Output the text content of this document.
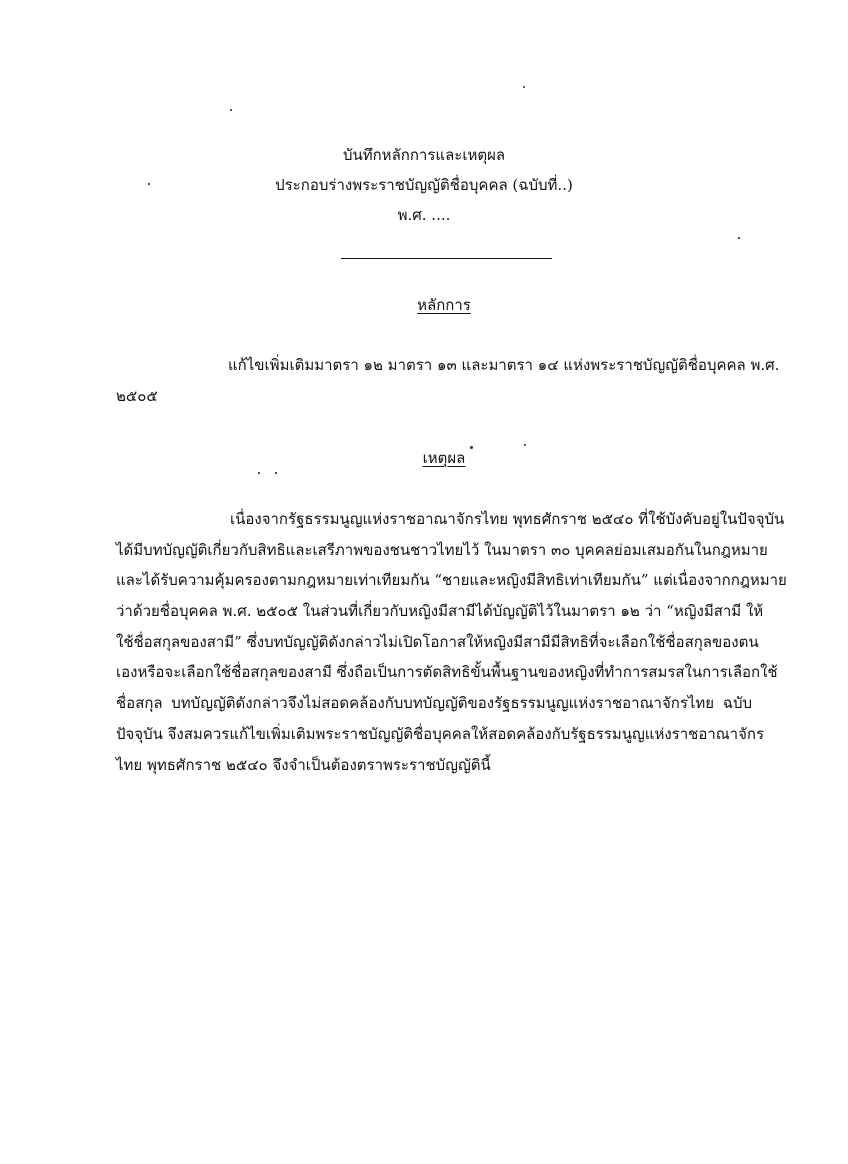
บันทึกหลักการและเหตุผล
ประกอบร่างพระราชบัญญัติชื่อบุคคล (ฉบับที่..)
พ.ศ. ....
หลักการ
แก้ไขเพิ่มเติมมาตรา ๑๒ มาตรา ๑๓ และมาตรา ๑๔ แห่งพระราชบัญญัติชื่อบุคคล พ.ศ.
๒๕๐๕
เหตุผล
เนื่องจากรัฐธรรมนูญแห่งราชอาณาจักรไทย พุทธศักราช ๒๕๔๐ ที่ใช้บังคับอยู่ในปัจจุบัน
ได้มีบทบัญญัติเกี่ยวกับสิทธิและเสรีภาพของชนชาวไทยไว้ ในมาตรา ๓๐ บุคคลย่อมเสมอกันในกฎหมาย
และได้รับความคุ้มครองตามกฎหมายเท่าเทียมกัน “ชายและหญิงมีสิทธิเท่าเทียมกัน” แต่เนื่องจากกฎหมาย
ว่าด้วยชื่อบุคคล พ.ศ. ๒๕๐๕ ในส่วนที่เกี่ยวกับหญิงมีสามีได้บัญญัติไว้ในมาตรา ๑๒ ว่า “หญิงมีสามี ให้
ใช้ชื่อสกุลของสามี” ซึ่งบทบัญญัติดังกล่าวไม่เปิดโอกาสให้หญิงมีสามีมีสิทธิที่จะเลือกใช้ชื่อสกุลของตน
เองหรือจะเลือกใช้ชื่อสกุลของสามี ซึ่งถือเป็นการตัดสิทธิขั้นพื้นฐานของหญิงที่ทำการสมรสในการเลือกใช้
ชื่อสกุล บทบัญญัติดังกล่าวจึงไม่สอดคล้องกับบทบัญญัติของรัฐธรรมนูญแห่งราชอาณาจักรไทย ฉบับ
ปัจจุบัน จึงสมควรแก้ไขเพิ่มเติมพระราชบัญญัติชื่อบุคคลให้สอดคล้องกับรัฐธรรมนูญแห่งราชอาณาจักร
ไทย พุทธศักราช ๒๕๔๐ จึงจำเป็นต้องตราพระราชบัญญัตินี้
